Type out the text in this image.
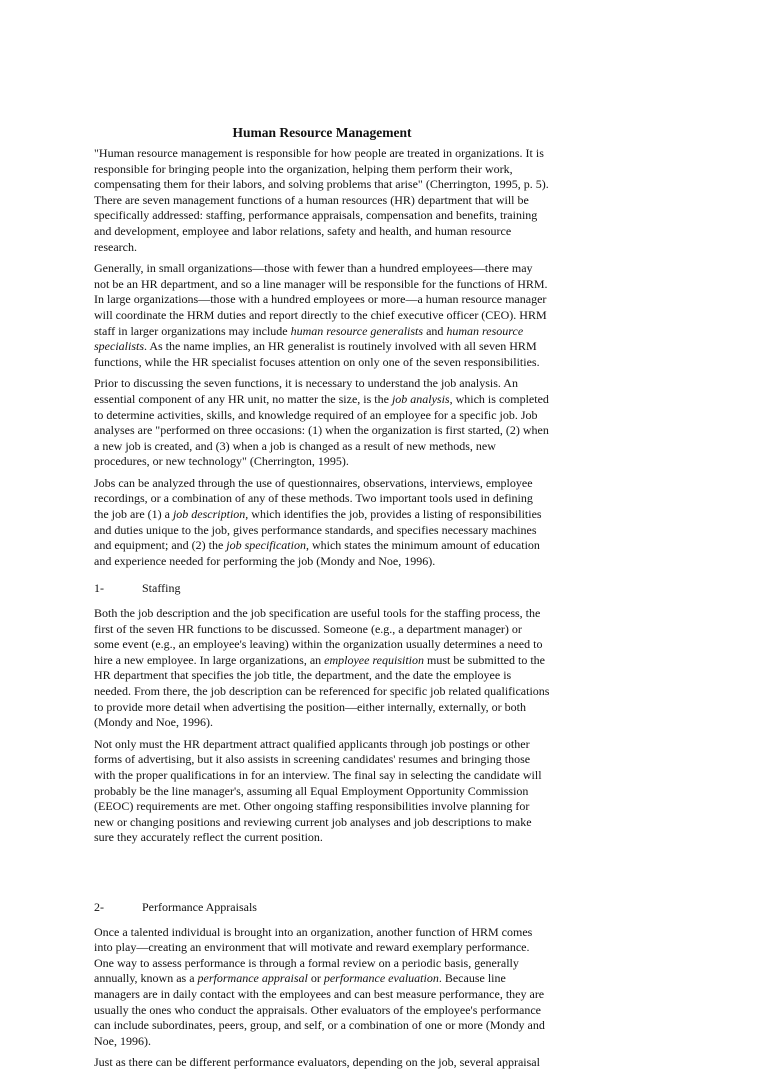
Human Resource Management

"Human resource management is responsible for how people are treated in organizations. It is responsible for bringing people into the organization, helping them perform their work, compensating them for their labors, and solving problems that arise" (Cherrington, 1995, p. 5). There are seven management functions of a human resources (HR) department that will be specifically addressed: staffing, performance appraisals, compensation and benefits, training and development, employee and labor relations, safety and health, and human resource research.

Generally, in small organizations—those with fewer than a hundred employees—there may not be an HR department, and so a line manager will be responsible for the functions of HRM. In large organizations—those with a hundred employees or more—a human resource manager will coordinate the HRM duties and report directly to the chief executive officer (CEO). HRM staff in larger organizations may include human resource generalists and human resource specialists. As the name implies, an HR generalist is routinely involved with all seven HRM functions, while the HR specialist focuses attention on only one of the seven responsibilities.

Prior to discussing the seven functions, it is necessary to understand the job analysis. An essential component of any HR unit, no matter the size, is the job analysis, which is completed to determine activities, skills, and knowledge required of an employee for a specific job. Job analyses are "performed on three occasions: (1) when the organization is first started, (2) when a new job is created, and (3) when a job is changed as a result of new methods, new procedures, or new technology" (Cherrington, 1995).

Jobs can be analyzed through the use of questionnaires, observations, interviews, employee recordings, or a combination of any of these methods. Two important tools used in defining the job are (1) a job description, which identifies the job, provides a listing of responsibilities and duties unique to the job, gives performance standards, and specifies necessary machines and equipment; and (2) the job specification, which states the minimum amount of education and experience needed for performing the job (Mondy and Noe, 1996).

1-	Staffing

Both the job description and the job specification are useful tools for the staffing process, the first of the seven HR functions to be discussed. Someone (e.g., a department manager) or some event (e.g., an employee's leaving) within the organization usually determines a need to hire a new employee. In large organizations, an employee requisition must be submitted to the HR department that specifies the job title, the department, and the date the employee is needed. From there, the job description can be referenced for specific job related qualifications to provide more detail when advertising the position—either internally, externally, or both (Mondy and Noe, 1996).

Not only must the HR department attract qualified applicants through job postings or other forms of advertising, but it also assists in screening candidates' resumes and bringing those with the proper qualifications in for an interview. The final say in selecting the candidate will probably be the line manager's, assuming all Equal Employment Opportunity Commission (EEOC) requirements are met. Other ongoing staffing responsibilities involve planning for new or changing positions and reviewing current job analyses and job descriptions to make sure they accurately reflect the current position.

2-	Performance Appraisals

Once a talented individual is brought into an organization, another function of HRM comes into play—creating an environment that will motivate and reward exemplary performance. One way to assess performance is through a formal review on a periodic basis, generally annually, known as a performance appraisal or performance evaluation. Because line managers are in daily contact with the employees and can best measure performance, they are usually the ones who conduct the appraisals. Other evaluators of the employee's performance can include subordinates, peers, group, and self, or a combination of one or more (Mondy and Noe, 1996).

Just as there can be different performance evaluators, depending on the job, several appraisal
